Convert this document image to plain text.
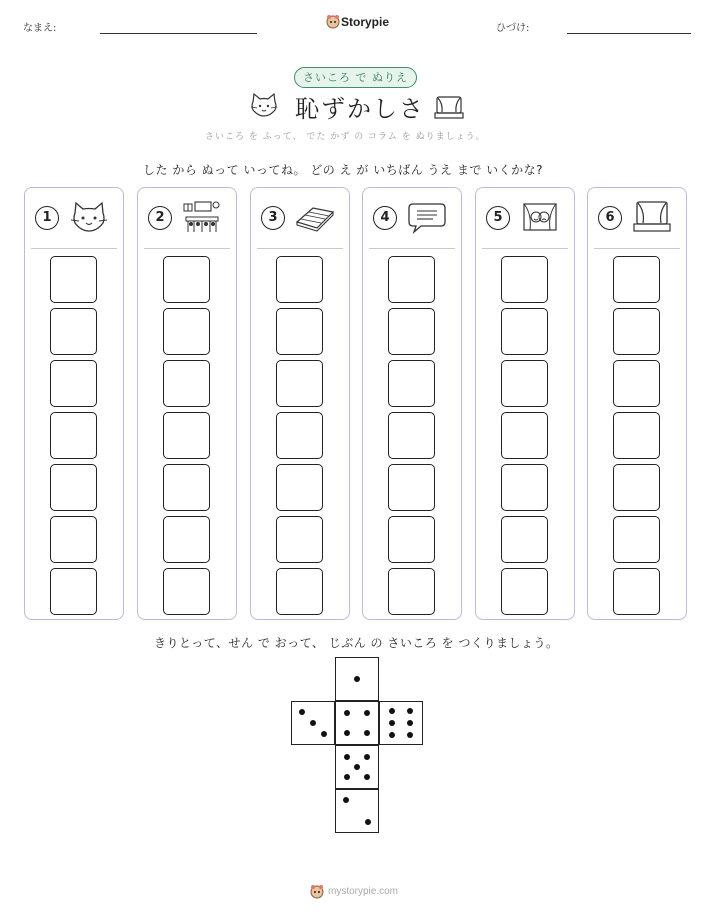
なまえ:	Storypie	ひづけ:
さいころ で ぬりえ
恥ずかしさ
さいころ を ふって、 でた かず の コラム を ぬりましょう。
した から ぬって いってね。 どの え が いちばん うえ まで いくかな?
1	2	3	4	5	6
きりとって、せん で おって、 じぶん の さいころ を つくりましょう。
mystorypie.com
